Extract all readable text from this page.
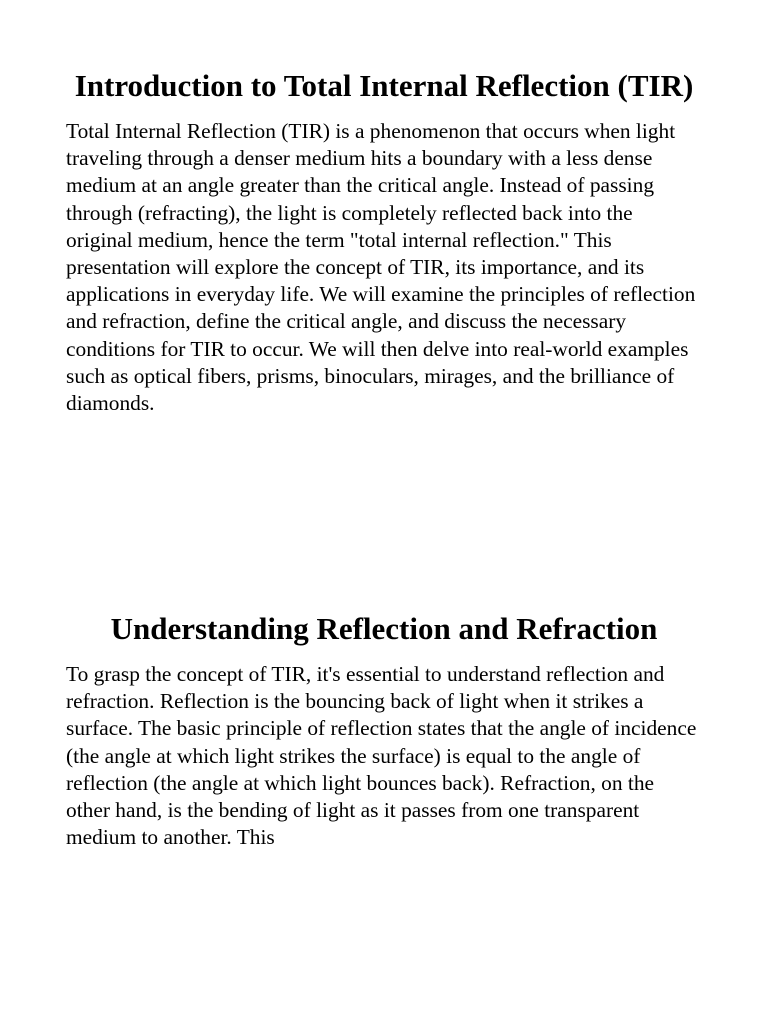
Introduction to Total Internal Reflection (TIR)

Total Internal Reflection (TIR) is a phenomenon that occurs when light traveling through a denser medium hits a boundary with a less dense medium at an angle greater than the critical angle. Instead of passing through (refracting), the light is completely reflected back into the original medium, hence the term "total internal reflection." This presentation will explore the concept of TIR, its importance, and its applications in everyday life. We will examine the principles of reflection and refraction, define the critical angle, and discuss the necessary conditions for TIR to occur. We will then delve into real-world examples such as optical fibers, prisms, binoculars, mirages, and the brilliance of diamonds.

Understanding Reflection and Refraction

To grasp the concept of TIR, it's essential to understand reflection and refraction. Reflection is the bouncing back of light when it strikes a surface. The basic principle of reflection states that the angle of incidence (the angle at which light strikes the surface) is equal to the angle of reflection (the angle at which light bounces back). Refraction, on the other hand, is the bending of light as it passes from one transparent medium to another. This
